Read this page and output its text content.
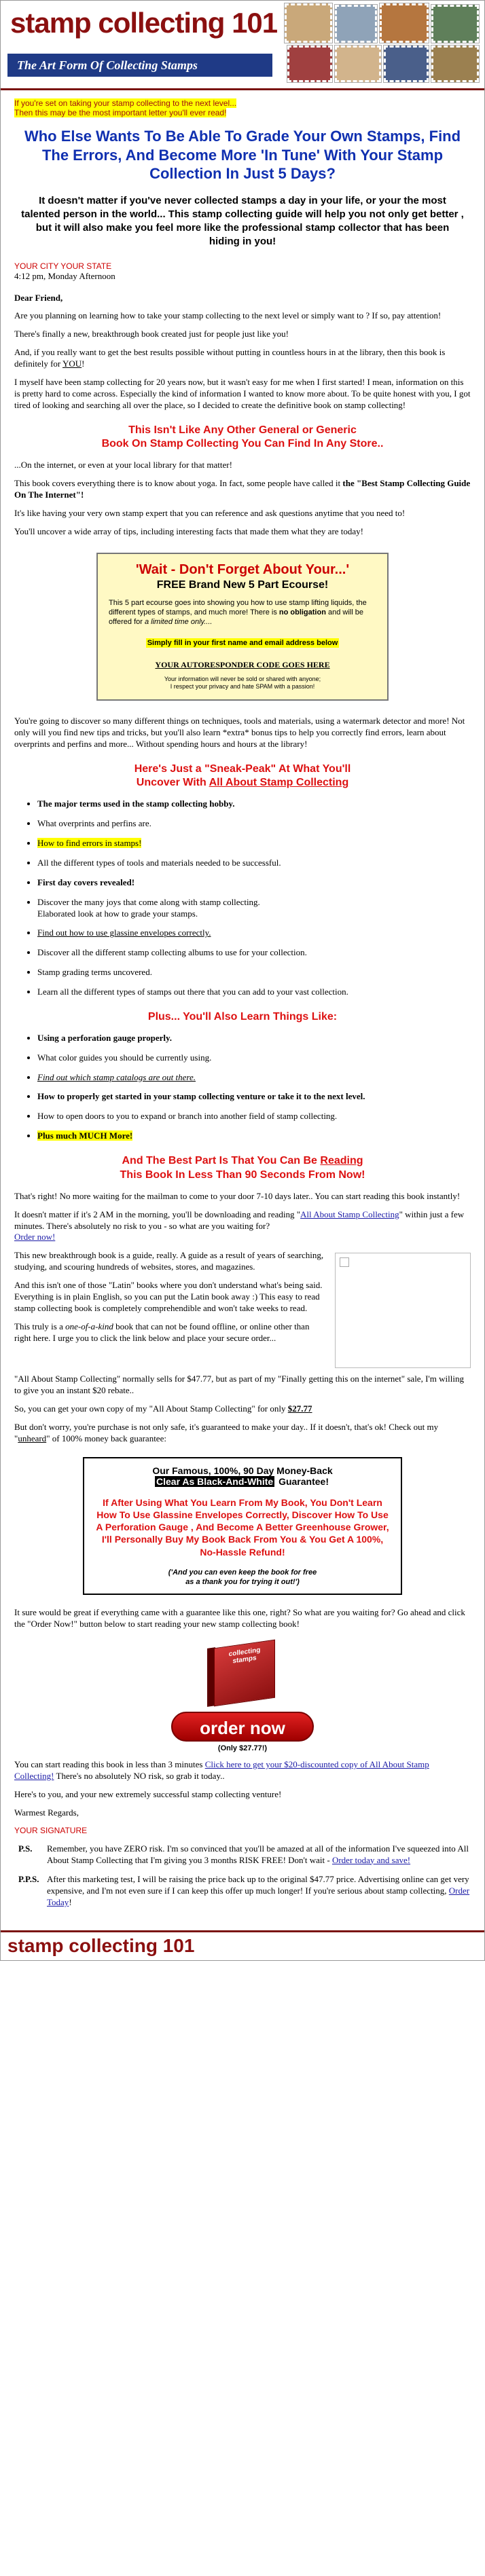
stamp collecting 101
The Art Form Of Collecting Stamps
If you're set on taking your stamp collecting to the next level...
Then this may be the most important letter you'll ever read!
Who Else Wants To Be Able To Grade Your Own Stamps, Find The Errors, And Become More 'In Tune' With Your Stamp Collection In Just 5 Days?
It doesn't matter if you've never collected stamps a day in your life, or your the most talented person in the world... This stamp collecting guide will help you not only get better , but it will also make you feel more like the professional stamp collector that has been hiding in you!
YOUR CITY YOUR STATE
4:12 pm, Monday Afternoon

Dear Friend,

Are you planning on learning how to take your stamp collecting to the next level or simply want to ? If so, pay attention!

There's finally a new, breakthrough book created just for people just like you!

And, if you really want to get the best results possible without putting in countless hours in at the library, then this book is definitely for YOU!

I myself have been stamp collecting for 20 years now, but it wasn't easy for me when I first started! I mean, information on this is pretty hard to come across. Especially the kind of information I wanted to know more about. To be quite honest with you, I got tired of looking and searching all over the place, so I decided to create the definitive book on stamp collecting!

This Isn't Like Any Other General or Generic
Book On Stamp Collecting You Can Find In Any Store..

...On the internet, or even at your local library for that matter!

This book covers everything there is to know about yoga. In fact, some people have called it the "Best Stamp Collecting Guide On The Internet"!

It's like having your very own stamp expert that you can reference and ask questions anytime that you need to!

You'll uncover a wide array of tips, including interesting facts that made them what they are today!

'Wait - Don't Forget About Your...'
FREE Brand New 5 Part Ecourse!
This 5 part ecourse goes into showing you how to use stamp lifting liquids, the different types of stamps, and much more! There is no obligation and will be offered for a limited time only....
Simply fill in your first name and email address below
YOUR AUTORESPONDER CODE GOES HERE
Your information will never be sold or shared with anyone;
I respect your privacy and hate SPAM with a passion!

You're going to discover so many different things on techniques, tools and materials, using a watermark detector and more! Not only will you find new tips and tricks, but you'll also learn *extra* bonus tips to help you correctly find errors, learn about overprints and perfins and more... Without spending hours and hours at the library!

Here's Just a "Sneak-Peak" At What You'll
Uncover With All About Stamp Collecting
• The major terms used in the stamp collecting hobby.
• What overprints and perfins are.
• How to find errors in stamps!
• All the different types of tools and materials needed to be successful.
• First day covers revealed!
• Discover the many joys that come along with stamp collecting.
Elaborated look at how to grade your stamps.
• Find out how to use glassine envelopes correctly.
• Discover all the different stamp collecting albums to use for your collection.
• Stamp grading terms uncovered.
• Learn all the different types of stamps out there that you can add to your vast collection.
Plus... You'll Also Learn Things Like:
• Using a perforation gauge properly.
• What color guides you should be currently using.
• Find out which stamp catalogs are out there.
• How to properly get started in your stamp collecting venture or take it to the next level.
• How to open doors to you to expand or branch into another field of stamp collecting.
• Plus much MUCH More!
And The Best Part Is That You Can Be Reading
This Book In Less Than 90 Seconds From Now!

That's right! No more waiting for the mailman to come to your door 7-10 days later.. You can start reading this book instantly!

It doesn't matter if it's 2 AM in the morning, you'll be downloading and reading "All About Stamp Collecting" within just a few minutes. There's absolutely no risk to you - so what are you waiting for?
Order now!

This new breakthrough book is a guide, really. A guide as a result of years of searching, studying, and scouring hundreds of websites, stores, and magazines.

And this isn't one of those "Latin" books where you don't understand what's being said. Everything is in plain English, so you can put the Latin book away :) This easy to read stamp collecting book is completely comprehendible and won't take weeks to read.

This truly is a one-of-a-kind book that can not be found offline, or online other than right here. I urge you to click the link below and place your secure order...

"All About Stamp Collecting" normally sells for $47.77, but as part of my "Finally getting this on the internet" sale, I'm willing to give you an instant $20 rebate..

So, you can get your own copy of my "All About Stamp Collecting" for only $27.77

But don't worry, you're purchase is not only safe, it's guaranteed to make your day.. If it doesn't, that's ok! Check out my "unheard" of 100% money back guarantee:

Our Famous, 100%, 90 Day Money-Back
Clear As Black-And-White Guarantee!
If After Using What You Learn From My Book, You Don't Learn How To Use Glassine Envelopes Correctly, Discover How To Use A Perforation Gauge , And Become A Better Greenhouse Grower, I'll Personally Buy My Book Back From You & You Get A 100%, No-Hassle Refund!
('And you can even keep the book for free
as a thank you for trying it out!')

It sure would be great if everything came with a guarantee like this one, right? So what are you waiting for? Go ahead and click the "Order Now!" button below to start reading your new stamp collecting book!

collecting stamps
order now
(Only $27.77!)

You can start reading this book in less than 3 minutes Click here to get your $20-discounted copy of All About Stamp Collecting! There's no absolutely NO risk, so grab it today..

Here's to you, and your new extremely successful stamp collecting venture!

Warmest Regards,

YOUR SIGNATURE
P.S.	Remember, you have ZERO risk. I'm so convinced that you'll be amazed at all of the information I've squeezed into All About Stamp Collecting that I'm giving you 3 months RISK FREE! Don't wait - Order today and save!
P.P.S. After this marketing test, I will be raising the price back up to the original $47.77 price. Advertising online can get very expensive, and I'm not even sure if I can keep this offer up much longer! If you're serious about stamp collecting, Order Today!
stamp collecting 101
